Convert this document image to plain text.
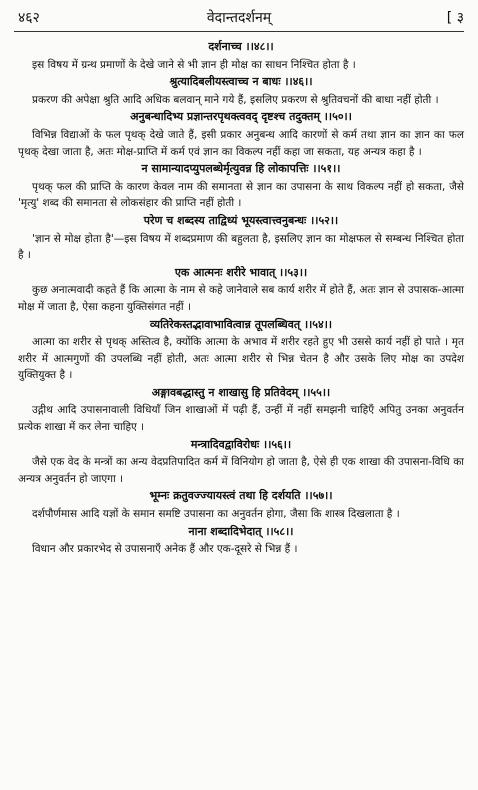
४६२	वेदान्तदर्शनम्	[ ३
दर्शनाच्च ।।४८।।

इस विषय में ग्रन्थ प्रमाणों के देखे जाने से भी ज्ञान ही मोक्ष का साधन निश्चित होता है ।

श्रुत्यादिबलीयस्त्वाच्च न बाधः ।।४६।।

प्रकरण की अपेक्षा श्रुति आदि अधिक बलवान् माने गये हैं, इसलिए प्रकरण से श्रुतिवचनों की बाधा नहीं होती ।

अनुबन्धादिभ्य प्रज्ञान्तरपृथक्त्ववद् दृष्टश्च तदुक्तम् ।।५०।।

विभिन्न विद्याओं के फल पृथक् देखे जाते हैं, इसी प्रकार अनुबन्ध आदि कारणों से कर्म तथा ज्ञान का ज्ञान का फल पृथक् देखा जाता है, अतः मोक्ष-प्राप्ति में कर्म एवं ज्ञान का विकल्प नहीं कहा जा सकता, यह अन्यत्र कहा है ।

न सामान्यादप्युपलब्धेर्मृत्युवन्न हि लोकापत्तिः ।।५१।।

पृथक् फल की प्राप्ति के कारण केवल नाम की समानता से ज्ञान का उपासना के साथ विकल्प नहीं हो सकता, जैसे 'मृत्यु' शब्द की समानता से लोकसंहार की प्राप्ति नहीं होती ।

परेण च शब्दस्य ताद्विध्यं भूयस्त्वात्त्वनुबन्धः ।।५२।।

'ज्ञान से मोक्ष होता है'—इस विषय में शब्दप्रमाण की बहुलता है, इसलिए ज्ञान का मोक्षफल से सम्बन्ध निश्चित होता है ।

एक आत्मनः शरीरे भावात् ।।५३।।

कुछ अनात्मवादी कहते हैं कि आत्मा के नाम से कहे जानेवाले सब कार्य शरीर में होते हैं, अतः ज्ञान से उपासक-आत्मा मोक्ष में जाता है, ऐसा कहना युक्तिसंगत नहीं ।

व्यतिरेकस्तद्भावाभावित्वान्न तूपलब्धिवत् ।।५४।।

आत्मा का शरीर से पृथक् अस्तित्व है, क्योंकि आत्मा के अभाव में शरीर रहते हुए भी उससे कार्य नहीं हो पाते । मृत शरीर में आत्मगुणों की उपलब्धि नहीं होती, अतः आत्मा शरीर से भिन्न चेतन है और उसके लिए मोक्ष का उपदेश युक्तियुक्त है ।

अङ्गावबद्धास्तु न शाखासु हि प्रतिवेदम् ।।५५।।

उद्गीथ आदि उपासनावाली विधियाँ जिन शाखाओं में पढ़ी हैं, उन्हीं में नहीं समझनी चाहिएँ अपितु उनका अनुवर्तन प्रत्येक शाखा में कर लेना चाहिए ।

मन्त्रादिवद्वाविरोधः ।।५६।।

जैसे एक वेद के मन्त्रों का अन्य वेदप्रतिपादित कर्म में विनियोग हो जाता है, ऐसे ही एक शाखा की उपासना-विधि का अन्यत्र अनुवर्तन हो जाएगा ।

भूम्नः क्रतुवज्ज्यायस्त्वं तथा हि दर्शयति ।।५७।।

दर्शपौर्णमास आदि यज्ञों के समान समष्टि उपासना का अनुवर्तन होगा, जैसा कि शास्त्र दिखलाता है ।

नाना शब्दादिभेदात् ।।५८।।

विधान और प्रकारभेद से उपासनाएँ अनेक हैं और एक-दूसरे से भिन्न हैं ।
